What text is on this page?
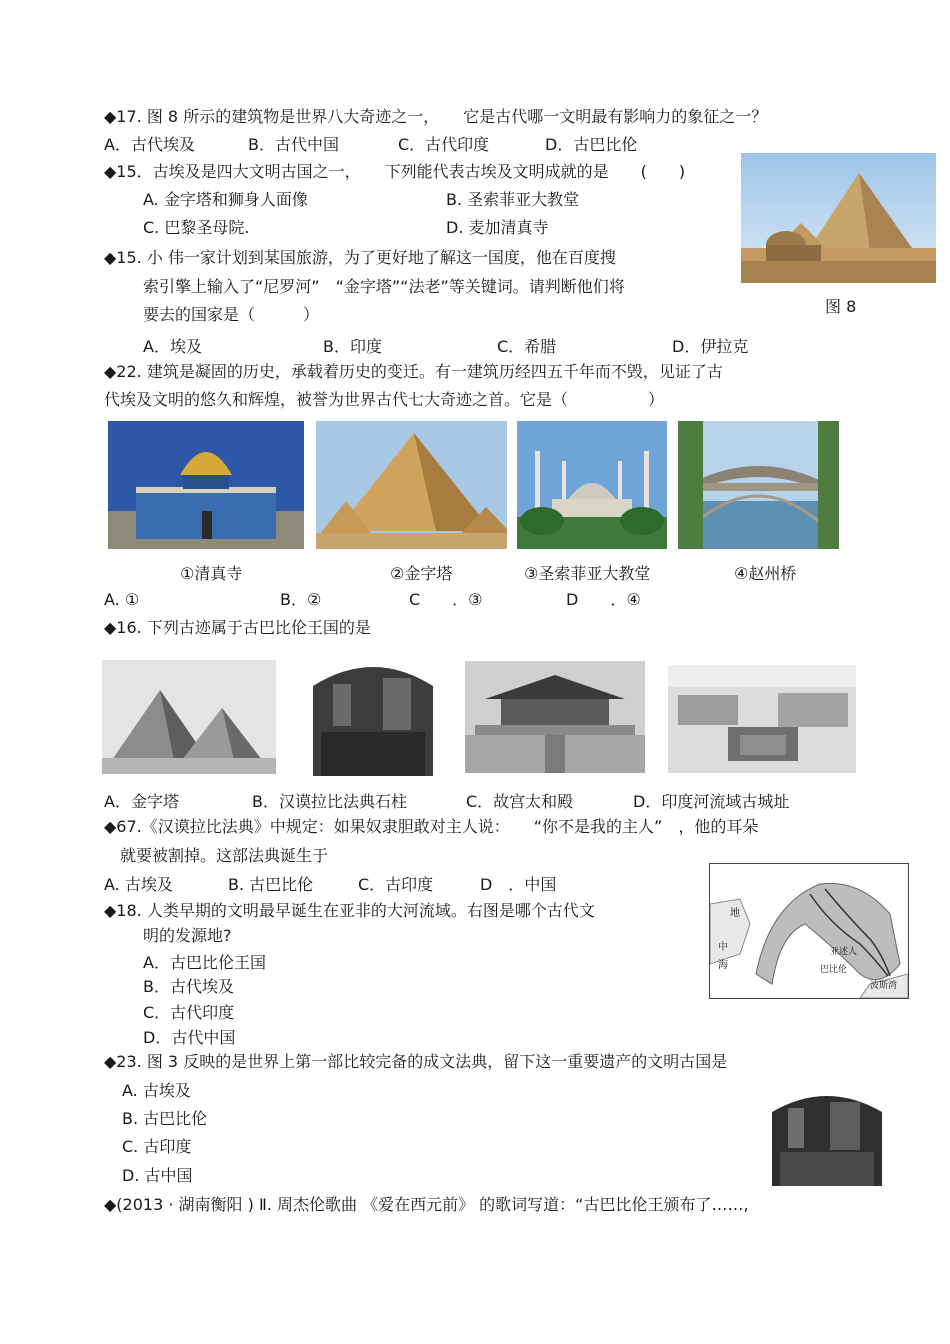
◆17. 图 8 所示的建筑物是世界八大奇迹之一，　　它是古代哪一文明最有影响力的象征之一？
A．古代埃及	B．古代中国	C．古代印度	D．古巴比伦
◆15．古埃及是四大文明古国之一，　　下列能代表古埃及文明成就的是　　(　　)
A. 金字塔和狮身人面像	B. 圣索菲亚大教堂
C. 巴黎圣母院.	D. 麦加清真寺
图 8
◆15. 小 伟一家计划到某国旅游，为了更好地了解这一国度，他在百度搜
索引擎上输入了“尼罗河”　“金字塔”“法老”等关键词。请判断他们将
要去的国家是（　　　）
A．埃及	B．印度	C．希腊	D．伊拉克
◆22. 建筑是凝固的历史，承载着历史的变迁。有一建筑历经四五千年而不毁，见证了古
代埃及文明的悠久和辉煌，被誉为世界古代七大奇迹之首。它是（　　　　　）
①清真寺	②金字塔	③圣索菲亚大教堂	④赵州桥
A. ①	B．②	C　　．③	D　　．④
◆16. 下列古迹属于古巴比伦王国的是
A．金字塔	B．汉谟拉比法典石柱	C．故宫太和殿	D．印度河流域古城址
◆67.《汉谟拉比法典》中规定：如果奴隶胆敢对主人说：　　“你不是我的主人”　，他的耳朵
就要被割掉。这部法典诞生于
A. 古埃及	B. 古巴比伦	C．古印度	D　．中国
◆18. 人类早期的文明最早诞生在亚非的大河流域。右图是哪个古代文
明的发源地?
A．古巴比伦王国
B．古代埃及
C．古代印度
D．古代中国
地
中
海	巴比伦
亚述人
波斯湾
◆23. 图 3 反映的是世界上第一部比较完备的成文法典，留下这一重要遗产的文明古国是
A. 古埃及
B. 古巴比伦
C. 古印度
D. 古中国
◆(2013 · 湖南衡阳 ) Ⅱ. 周杰伦歌曲 《爱在西元前》 的歌词写道：“古巴比伦王颁布了……,
